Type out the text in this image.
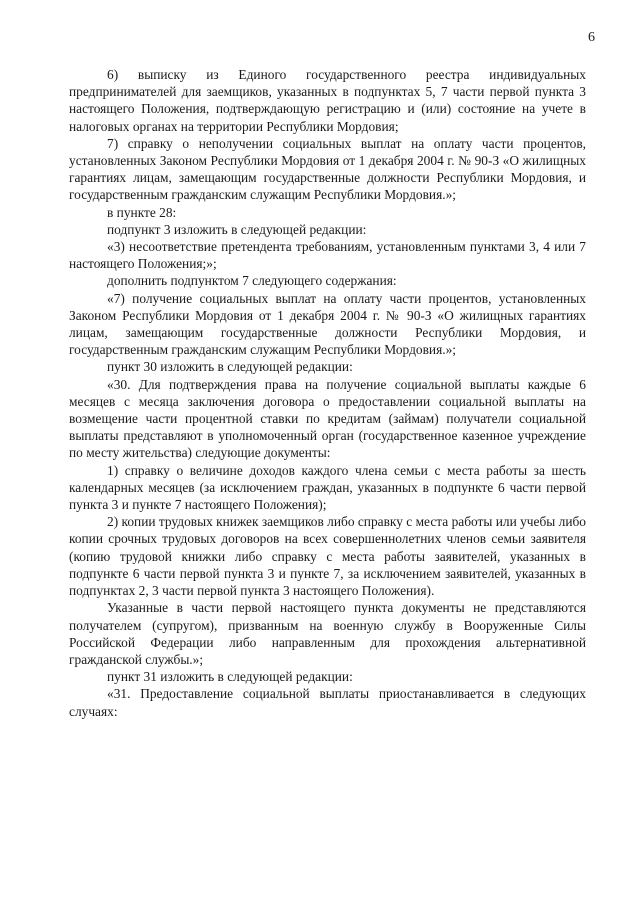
6

6) выписку из Единого государственного реестра индивидуальных предпринимателей для заемщиков, указанных в подпунктах 5, 7 части первой пункта 3 настоящего Положения, подтверждающую регистрацию и (или) состояние на учете в налоговых органах на территории Республики Мордовия;

7) справку о неполучении социальных выплат на оплату части процентов, установленных Законом Республики Мордовия от 1 декабря 2004 г. № 90-З «О жилищных гарантиях лицам, замещающим государственные должности Республики Мордовия, и государственным гражданским служащим Республики Мордовия.»;

в пункте 28:

подпункт 3 изложить в следующей редакции:

«3) несоответствие претендента требованиям, установленным пунктами 3, 4 или 7 настоящего Положения;»;

дополнить подпунктом 7 следующего содержания:

«7) получение социальных выплат на оплату части процентов, установленных Законом Республики Мордовия от 1 декабря 2004 г. № 90-З «О жилищных гарантиях лицам, замещающим государственные должности Республики Мордовия, и государственным гражданским служащим Республики Мордовия.»;

пункт 30 изложить в следующей редакции:

«30. Для подтверждения права на получение социальной выплаты каждые 6 месяцев с месяца заключения договора о предоставлении социальной выплаты на возмещение части процентной ставки по кредитам (займам) получатели социальной выплаты представляют в уполномоченный орган (государственное казенное учреждение по месту жительства) следующие документы:

1) справку о величине доходов каждого члена семьи с места работы за шесть календарных месяцев (за исключением граждан, указанных в подпункте 6 части первой пункта 3 и пункте 7 настоящего Положения);

2) копии трудовых книжек заемщиков либо справку с места работы или учебы либо копии срочных трудовых договоров на всех совершеннолетних членов семьи заявителя (копию трудовой книжки либо справку с места работы заявителей, указанных в подпункте 6 части первой пункта 3 и пункте 7, за исключением заявителей, указанных в подпунктах 2, 3 части первой пункта 3 настоящего Положения).

Указанные в части первой настоящего пункта документы не представляются получателем (супругом), призванным на военную службу в Вооруженные Силы Российской Федерации либо направленным для прохождения альтернативной гражданской службы.»;

пункт 31 изложить в следующей редакции:

«31. Предоставление социальной выплаты приостанавливается в следующих случаях:
